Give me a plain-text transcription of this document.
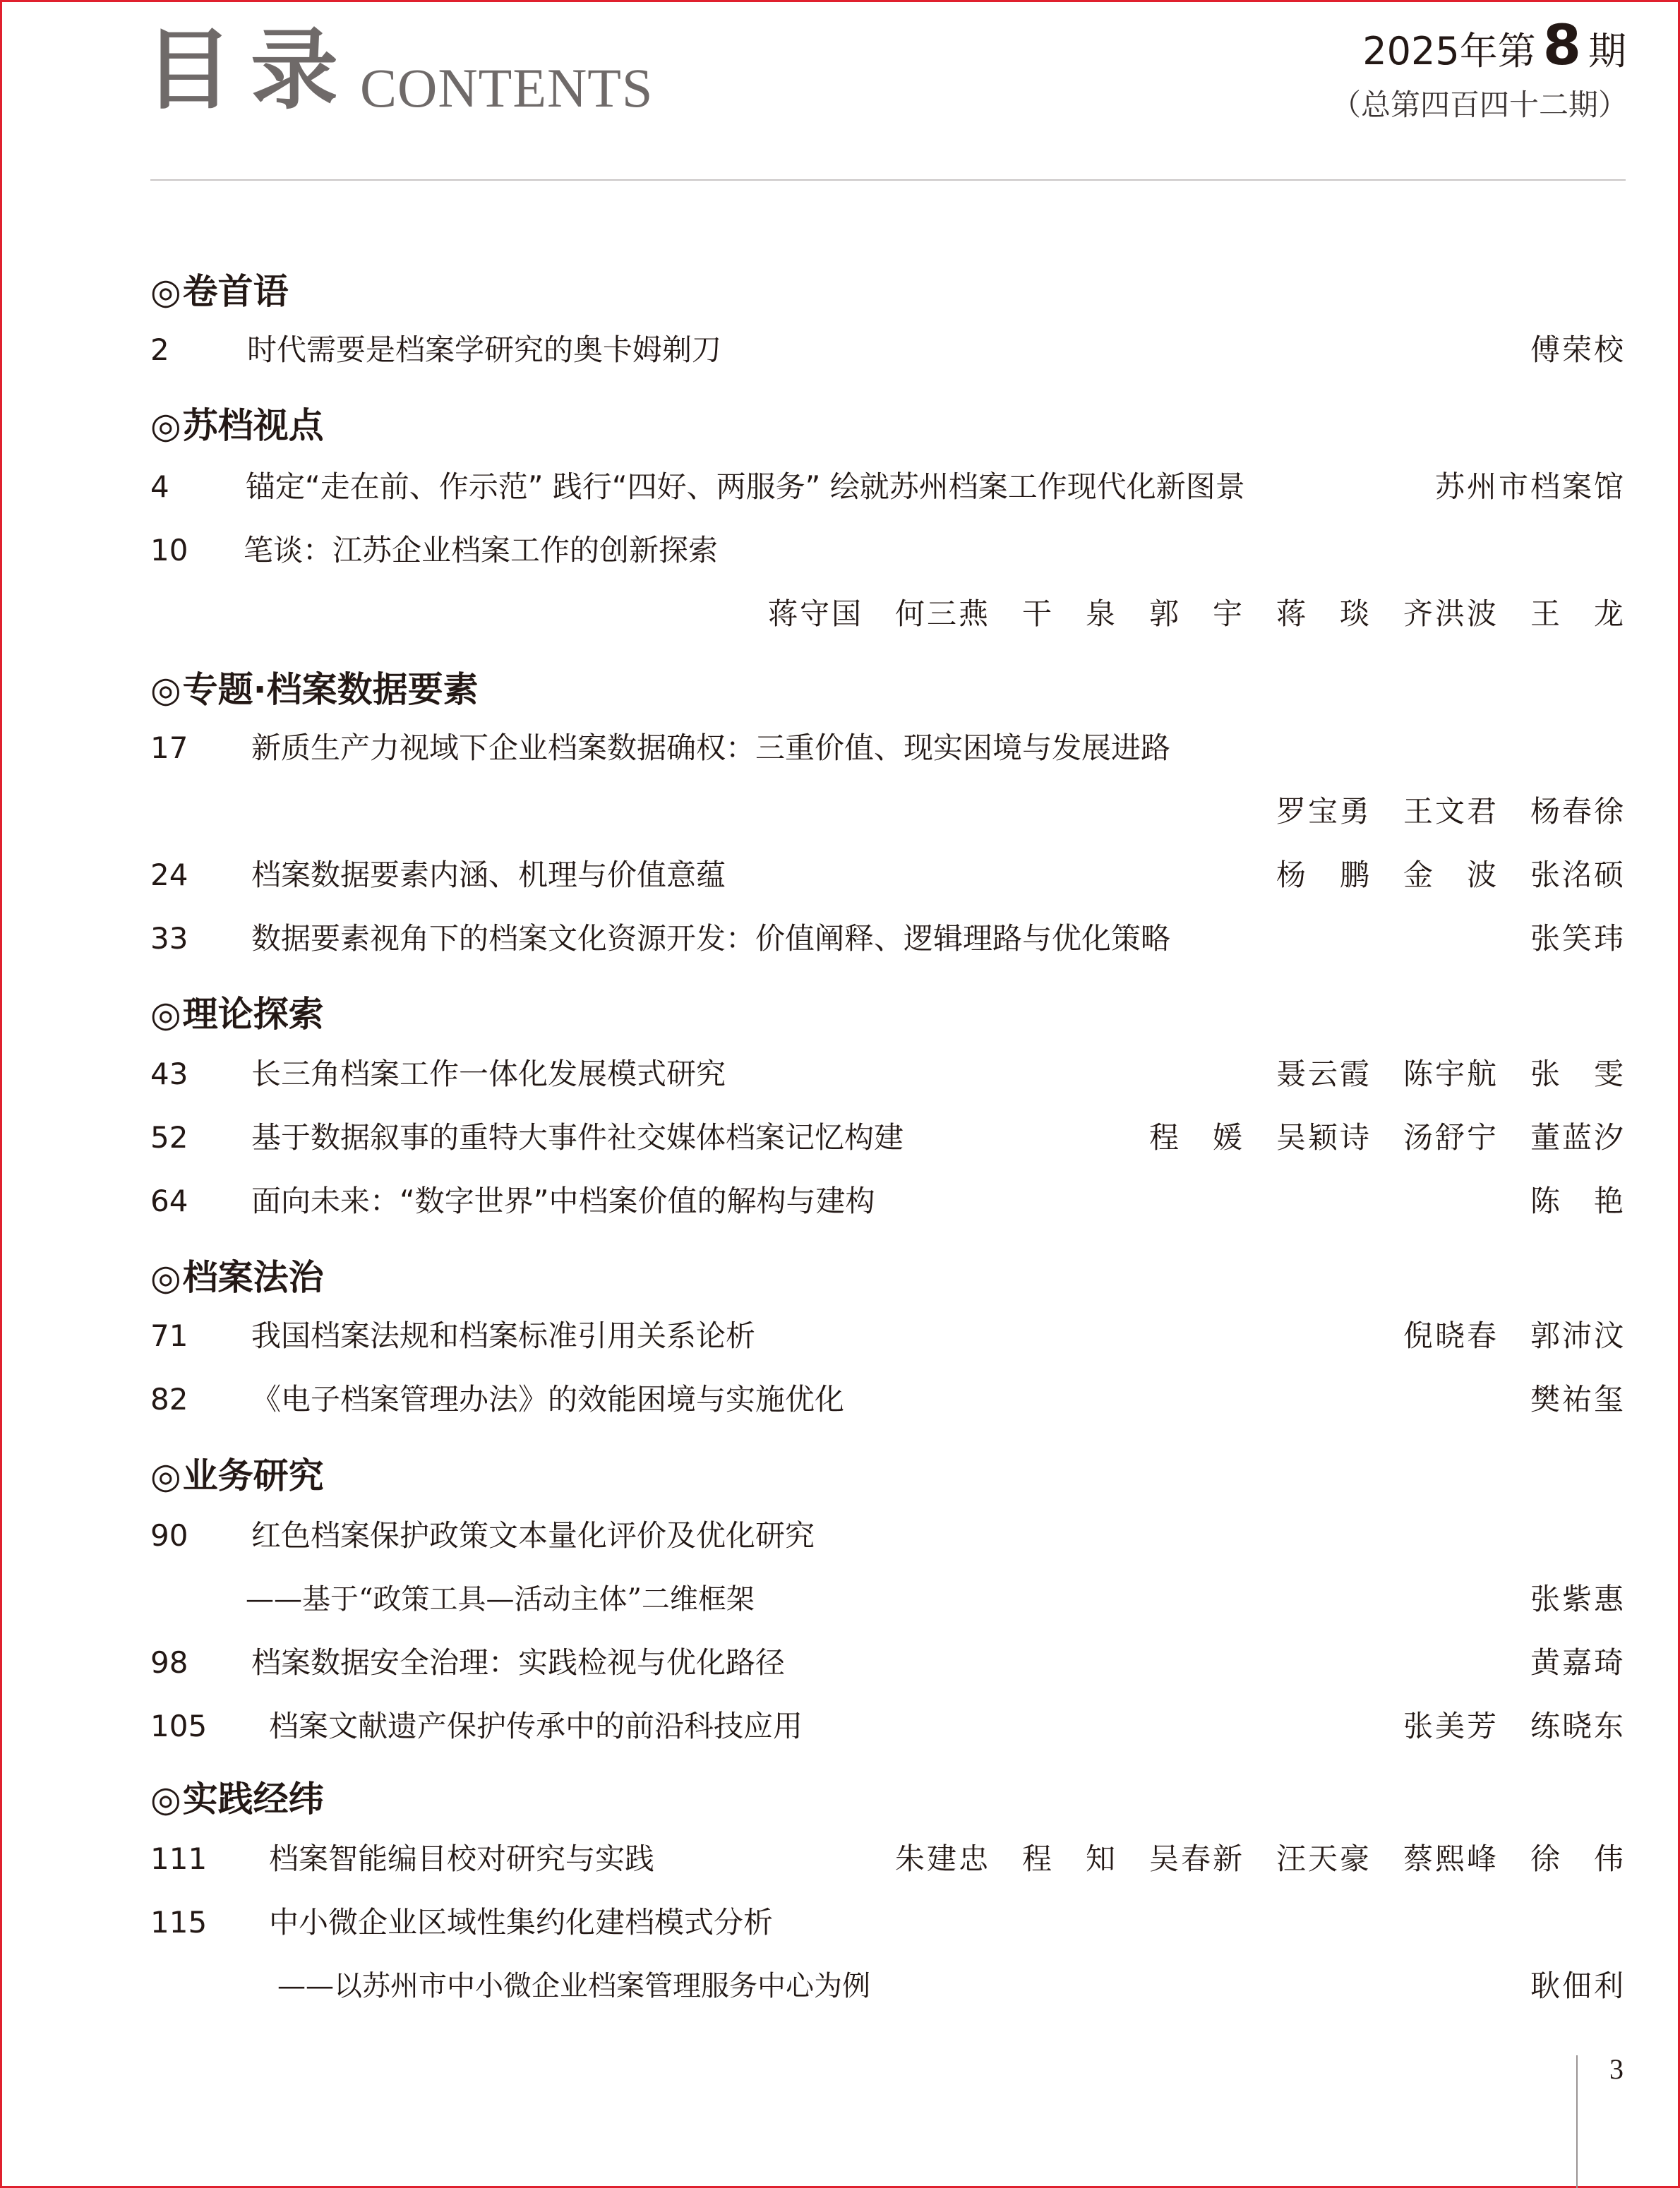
目录 CONTENTS
2025年第 8 期
（总第四百四十二期）
◎卷首语
2	时代需要是档案学研究的奥卡姆剃刀	傅荣校
◎苏档视点
4	锚定“走在前、作示范” 践行“四好、两服务” 绘就苏州档案工作现代化新图景	苏州市档案馆
10 笔谈：江苏企业档案工作的创新探索
蒋守国　何三燕　干　泉　郭　宇　蒋　琰　齐洪波　王　龙
◎专题·档案数据要素
17 新质生产力视域下企业档案数据确权：三重价值、现实困境与发展进路
罗宝勇　王文君　杨春徐
24 档案数据要素内涵、机理与价值意蕴	杨　鹏　金　波　张洺硕
33 数据要素视角下的档案文化资源开发：价值阐释、逻辑理路与优化策略	张笑玮
◎理论探索
43 长三角档案工作一体化发展模式研究	聂云霞　陈宇航　张　雯
52 基于数据叙事的重特大事件社交媒体档案记忆构建	程　媛　吴颖诗　汤舒宁　董蓝汐
64 面向未来：“数字世界”中档案价值的解构与建构	陈　艳
◎档案法治
71 我国档案法规和档案标准引用关系论析	倪晓春　郭沛汶
82 《电子档案管理办法》的效能困境与实施优化	樊祐玺
◎业务研究
90 红色档案保护政策文本量化评价及优化研究
——基于“政策工具—活动主体”二维框架	张紫惠
98 档案数据安全治理：实践检视与优化路径	黄嘉琦
105 档案文献遗产保护传承中的前沿科技应用	张美芳　练晓东
◎实践经纬
111 档案智能编目校对研究与实践	朱建忠　程　知　吴春新　汪天豪　蔡熙峰　徐　伟
115 中小微企业区域性集约化建档模式分析
——以苏州市中小微企业档案管理服务中心为例	耿佃利
3
